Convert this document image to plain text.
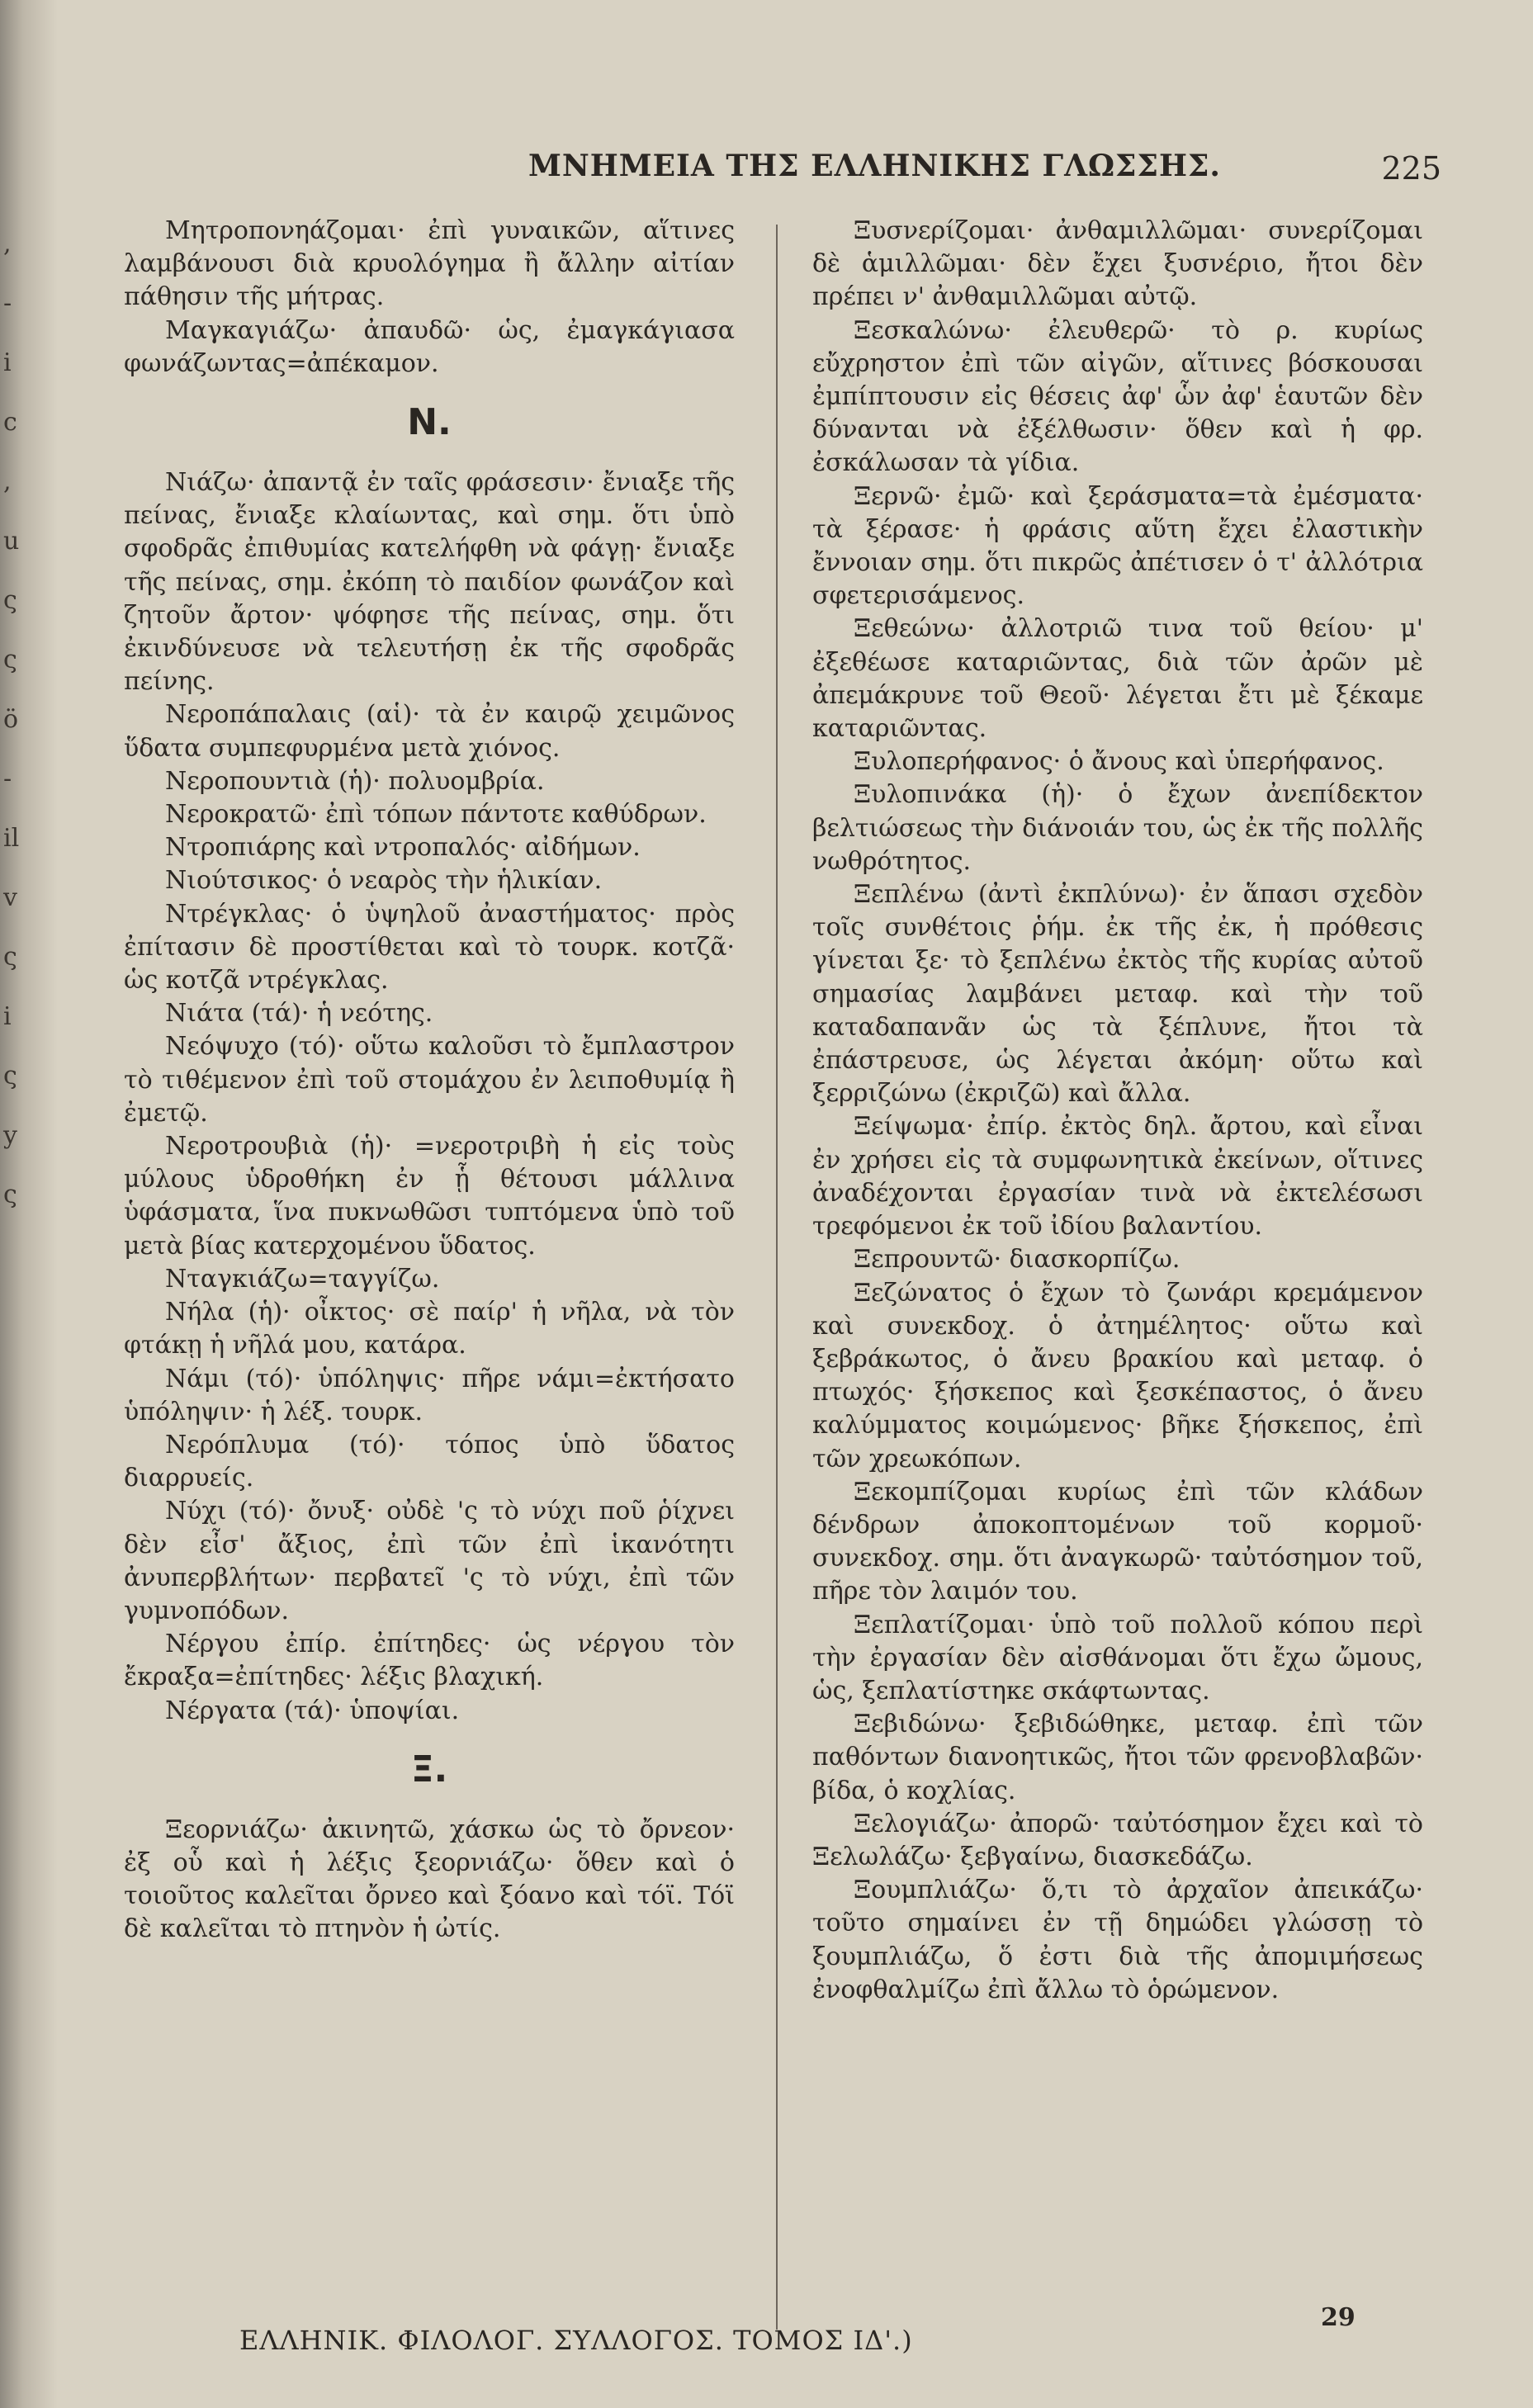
,
-
i
c
,
u
ς
ς
ö
-
il
v
ς
i
ς
y
ς
ΜΝΗΜΕΙΑ ΤΗΣ ΕΛΛΗΝΙΚΗΣ ΓΛΩΣΣΗΣ.	225

Μητροπονηάζομαι· ἐπὶ γυναικῶν, αἵτινες λαμβάνουσι διὰ κρυολόγημα ἢ ἄλλην αἰτίαν πάθησιν τῆς μήτρας.

Μαγκαγιάζω· ἀπαυδῶ· ὡς, ἐμαγκάγιασα φωνάζωντας=ἀπέκαμον.

Ν.

Νιάζω· ἀπαντᾷ ἐν ταῖς φράσεσιν· ἔνιαξε τῆς πείνας, ἔνιαξε κλαίωντας, καὶ σημ. ὅτι ὑπὸ σφοδρᾶς ἐπιθυμίας κατελήφθη νὰ φάγῃ· ἔνιαξε τῆς πείνας, σημ. ἐκόπη τὸ παιδίον φωνάζον καὶ ζητοῦν ἄρτον· ψόφησε τῆς πείνας, σημ. ὅτι ἐκινδύνευσε νὰ τελευτήσῃ ἐκ τῆς σφοδρᾶς πείνης.

Νεροπάπαλαις (αἱ)· τὰ ἐν καιρῷ χειμῶνος ὕδατα συμπεφυρμένα μετὰ χιόνος.

Νεροπουντιὰ (ἡ)· πολυομβρία.

Νεροκρατῶ· ἐπὶ τόπων πάντοτε καθύδρων.

Ντροπιάρης καὶ ντροπαλός· αἰδήμων.

Νιούτσικος· ὁ νεαρὸς τὴν ἡλικίαν.

Ντρέγκλας· ὁ ὑψηλοῦ ἀναστήματος· πρὸς ἐπίτασιν δὲ προστίθεται καὶ τὸ τουρκ. κοτζᾶ· ὡς κοτζᾶ ντρέγκλας.

Νιάτα (τά)· ἡ νεότης.

Νεόψυχο (τό)· οὕτω καλοῦσι τὸ ἔμπλαστρον τὸ τιθέμενον ἐπὶ τοῦ στομάχου ἐν λειποθυμίᾳ ἢ ἐμετῷ.

Νεροτρουβιὰ (ἡ)· =νεροτριβὴ ἡ εἰς τοὺς μύλους ὑδροθήκη ἐν ᾗ θέτουσι μάλλινα ὑφάσματα, ἵνα πυκνωθῶσι τυπτόμενα ὑπὸ τοῦ μετὰ βίας κατερχομένου ὕδατος.

Νταγκιάζω=ταγγίζω.

Νήλα (ἡ)· οἶκτος· σὲ παίρ' ἡ νῆλα, νὰ τὸν φτάκῃ ἡ νῆλά μου, κατάρα.

Νάμι (τό)· ὑπόληψις· πῆρε νάμι=ἐκτήσατο ὑπόληψιν· ἡ λέξ. τουρκ.

Νερόπλυμα (τό)· τόπος ὑπὸ ὕδατος διαρρυείς.

Νύχι (τό)· ὄνυξ· οὐδὲ 'ς τὸ νύχι ποῦ ῥίχνει δὲν εἶσ' ἄξιος, ἐπὶ τῶν ἐπὶ ἱκανότητι ἀνυπερβλήτων· περβατεῖ 'ς τὸ νύχι, ἐπὶ τῶν γυμνοπόδων.

Νέργου ἐπίρ. ἐπίτηδες· ὡς νέργου τὸν ἔκραξα=ἐπίτηδες· λέξις βλαχική.

Νέργατα (τά)· ὑποψίαι.

Ξ.

Ξεορνιάζω· ἀκινητῶ, χάσκω ὡς τὸ ὄρνεον· ἐξ οὗ καὶ ἡ λέξις ξεορνιάζω· ὅθεν καὶ ὁ τοιοῦτος καλεῖται ὄρνεο καὶ ξόανο καὶ τόϊ. Τόϊ δὲ καλεῖται τὸ πτηνὸν ἡ ὠτίς.

Ξυσνερίζομαι· ἀνθαμιλλῶμαι· συνερίζομαι δὲ ἁμιλλῶμαι· δὲν ἔχει ξυσνέριο, ἤτοι δὲν πρέπει ν' ἀνθαμιλλῶμαι αὐτῷ.

Ξεσκαλώνω· ἐλευθερῶ· τὸ ρ. κυρίως εὔχρηστον ἐπὶ τῶν αἰγῶν, αἵτινες βόσκουσαι ἐμπίπτουσιν εἰς θέσεις ἀφ' ὧν ἀφ' ἑαυτῶν δὲν δύνανται νὰ ἐξέλθωσιν· ὅθεν καὶ ἡ φρ. ἐσκάλωσαν τὰ γίδια.

Ξερνῶ· ἐμῶ· καὶ ξεράσματα=τὰ ἐμέσματα· τὰ ξέρασε· ἡ φράσις αὕτη ἔχει ἐλαστικὴν ἔννοιαν σημ. ὅτι πικρῶς ἀπέτισεν ὁ τ' ἀλλότρια σφετερισάμενος.

Ξεθεώνω· ἀλλοτριῶ τινα τοῦ θείου· μ' ἐξεθέωσε καταριῶντας, διὰ τῶν ἀρῶν μὲ ἀπεμάκρυνε τοῦ Θεοῦ· λέγεται ἔτι μὲ ξέκαμε καταριῶντας.

Ξυλοπερήφανος· ὁ ἄνους καὶ ὑπερήφανος.

Ξυλοπινάκα (ἡ)· ὁ ἔχων ἀνεπίδεκτον βελτιώσεως τὴν διάνοιάν του, ὡς ἐκ τῆς πολλῆς νωθρότητος.

Ξεπλένω (ἀντὶ ἐκπλύνω)· ἐν ἅπασι σχεδὸν τοῖς συνθέτοις ῥήμ. ἐκ τῆς ἐκ, ἡ πρόθεσις γίνεται ξε· τὸ ξεπλένω ἐκτὸς τῆς κυρίας αὐτοῦ σημασίας λαμβάνει μεταφ. καὶ τὴν τοῦ καταδαπανᾶν ὡς τὰ ξέπλυνε, ἤτοι τὰ ἐπάστρευσε, ὡς λέγεται ἀκόμη· οὕτω καὶ ξερριζώνω (ἐκριζῶ) καὶ ἄλλα.

Ξείψωμα· ἐπίρ. ἐκτὸς δηλ. ἄρτου, καὶ εἶναι ἐν χρήσει εἰς τὰ συμφωνητικὰ ἐκείνων, οἵτινες ἀναδέχονται ἐργασίαν τινὰ νὰ ἐκτελέσωσι τρεφόμενοι ἐκ τοῦ ἰδίου βαλαντίου.

Ξεπρουντῶ· διασκορπίζω.

Ξεζώνατος ὁ ἔχων τὸ ζωνάρι κρεμάμενον καὶ συνεκδοχ. ὁ ἀτημέλητος· οὕτω καὶ ξεβράκωτος, ὁ ἄνευ βρακίου καὶ μεταφ. ὁ πτωχός· ξήσκεπος καὶ ξεσκέπαστος, ὁ ἄνευ καλύμματος κοιμώμενος· βῆκε ξήσκεπος, ἐπὶ τῶν χρεωκόπων.

Ξεκομπίζομαι κυρίως ἐπὶ τῶν κλάδων δένδρων ἀποκοπτομένων τοῦ κορμοῦ· συνεκδοχ. σημ. ὅτι ἀναγκωρῶ· ταὐτόσημον τοῦ, πῆρε τὸν λαιμόν του.

Ξεπλατίζομαι· ὑπὸ τοῦ πολλοῦ κόπου περὶ τὴν ἐργασίαν δὲν αἰσθάνομαι ὅτι ἔχω ὤμους, ὡς, ξεπλατίστηκε σκάφτωντας.

Ξεβιδώνω· ξεβιδώθηκε, μεταφ. ἐπὶ τῶν παθόντων διανοητικῶς, ἤτοι τῶν φρενοβλαβῶν· βίδα, ὁ κοχλίας.

Ξελογιάζω· ἀπορῶ· ταὐτόσημον ἔχει καὶ τὸ Ξελωλάζω· ξεβγαίνω, διασκεδάζω.

Ξουμπλιάζω· ὅ,τι τὸ ἀρχαῖον ἀπεικάζω· τοῦτο σημαίνει ἐν τῇ δημώδει γλώσσῃ τὸ ξουμπλιάζω, ὅ ἐστι διὰ τῆς ἀπομιμήσεως ἐνοφθαλμίζω ἐπὶ ἄλλω τὸ ὁρώμενον.

ΕΛΛΗΝΙΚ. ΦΙΛΟΛΟΓ. ΣΥΛΛΟΓΟΣ. ΤΟΜΟΣ ΙΔ'.)
29
